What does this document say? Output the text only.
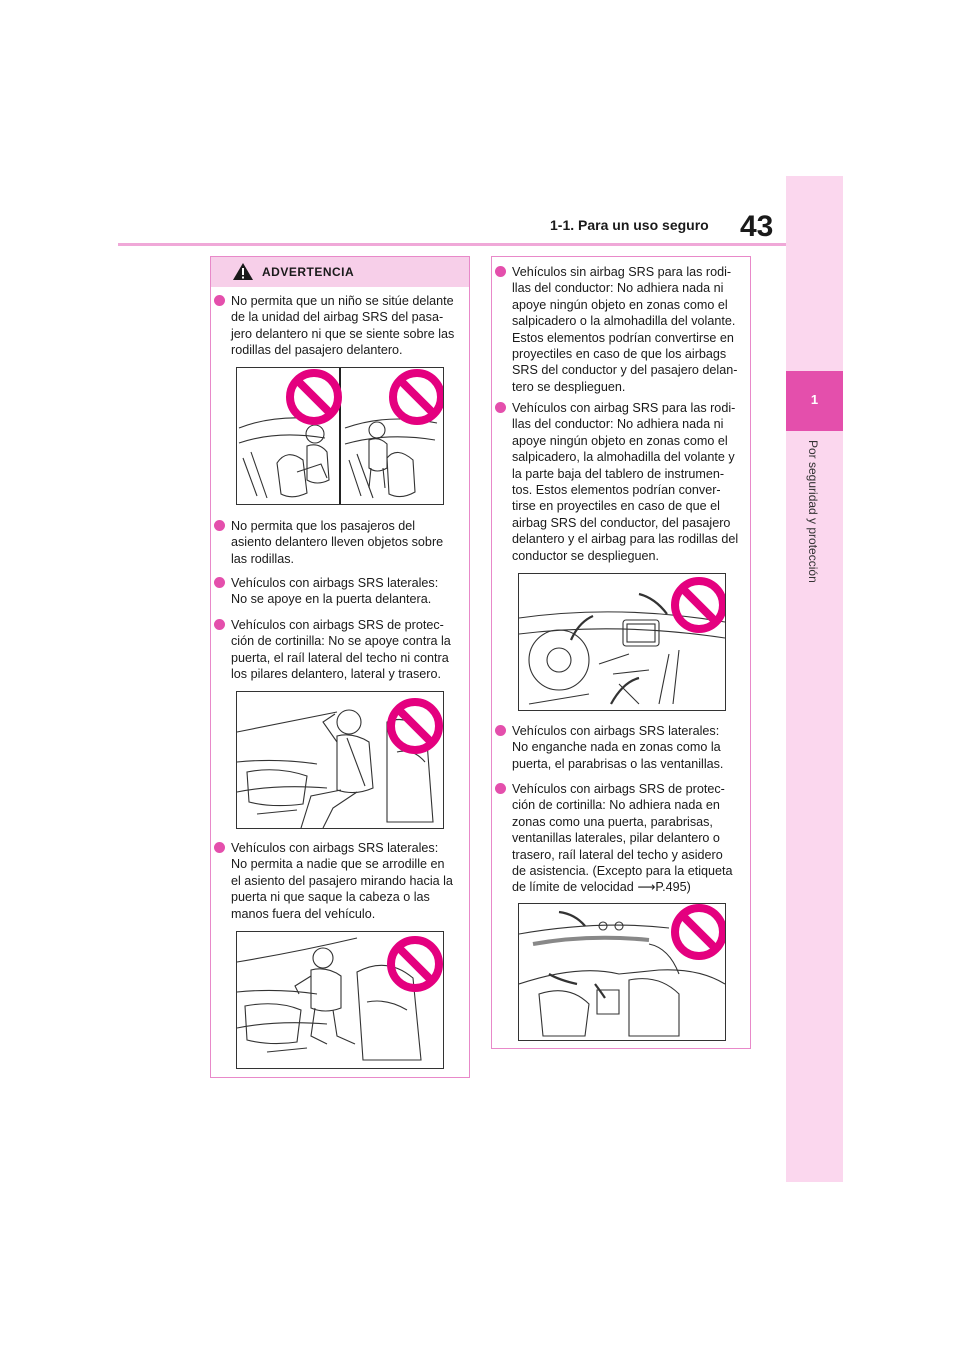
1-1. Para un uso seguro 43
1
Por seguridad y protección
ADVERTENCIA
No permita que un niño se sitúe delante
de la unidad del airbag SRS del pasa-
jero delantero ni que se siente sobre las
rodillas del pasajero delantero.
No permita que los pasajeros del
asiento delantero lleven objetos sobre
las rodillas.
Vehículos con airbags SRS laterales:
No se apoye en la puerta delantera.
Vehículos con airbags SRS de protec-
ción de cortinilla: No se apoye contra la
puerta, el raíl lateral del techo ni contra
los pilares delantero, lateral y trasero.
Vehículos con airbags SRS laterales:
No permita a nadie que se arrodille en
el asiento del pasajero mirando hacia la
puerta ni que saque la cabeza o las
manos fuera del vehículo.
Vehículos sin airbag SRS para las rodi-
llas del conductor: No adhiera nada ni
apoye ningún objeto en zonas como el
salpicadero o la almohadilla del volante.
Estos elementos podrían convertirse en
proyectiles en caso de que los airbags
SRS del conductor y del pasajero delan-
tero se desplieguen.
Vehículos con airbag SRS para las rodi-
llas del conductor: No adhiera nada ni
apoye ningún objeto en zonas como el
salpicadero, la almohadilla del volante y
la parte baja del tablero de instrumen-
tos. Estos elementos podrían conver-
tirse en proyectiles en caso de que el
airbag SRS del conductor, del pasajero
delantero y el airbag para las rodillas del
conductor se desplieguen.
Vehículos con airbags SRS laterales:
No enganche nada en zonas como la
puerta, el parabrisas o las ventanillas.
Vehículos con airbags SRS de protec-
ción de cortinilla: No adhiera nada en
zonas como una puerta, parabrisas,
ventanillas laterales, pilar delantero o
trasero, raíl lateral del techo y asidero
de asistencia. (Excepto para la etiqueta
de límite de velocidad ⟶P.495)
